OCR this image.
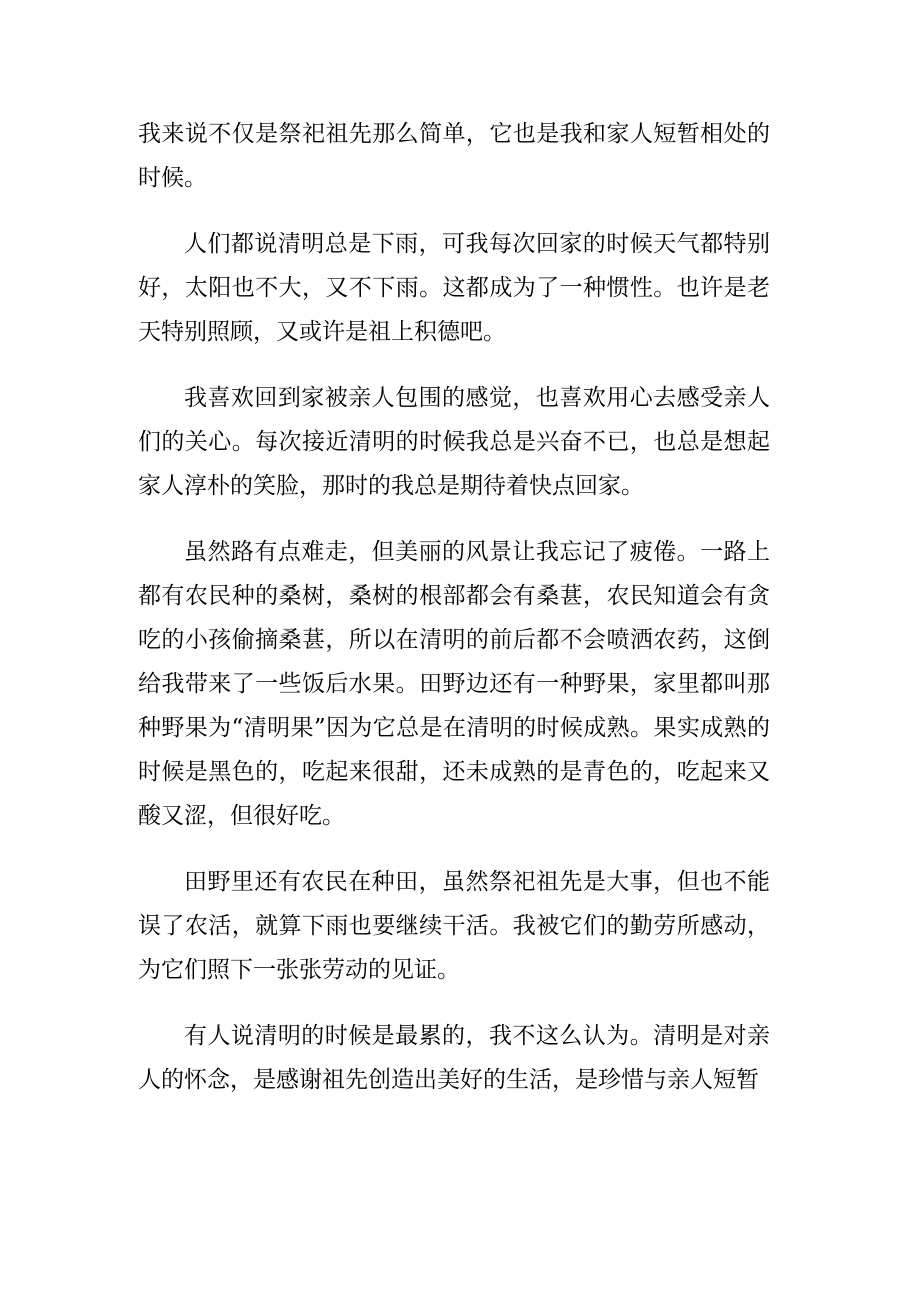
我来说不仅是祭祀祖先那么简单，它也是我和家人短暂相处的时候。

人们都说清明总是下雨，可我每次回家的时候天气都特别好，太阳也不大，又不下雨。这都成为了一种惯性。也许是老天特别照顾，又或许是祖上积德吧。

我喜欢回到家被亲人包围的感觉，也喜欢用心去感受亲人们的关心。每次接近清明的时候我总是兴奋不已，也总是想起家人淳朴的笑脸，那时的我总是期待着快点回家。

虽然路有点难走，但美丽的风景让我忘记了疲倦。一路上都有农民种的桑树，桑树的根部都会有桑葚，农民知道会有贪吃的小孩偷摘桑葚，所以在清明的前后都不会喷洒农药，这倒给我带来了一些饭后水果。田野边还有一种野果，家里都叫那种野果为“清明果”因为它总是在清明的时候成熟。果实成熟的时候是黑色的，吃起来很甜，还未成熟的是青色的，吃起来又酸又涩，但很好吃。

田野里还有农民在种田，虽然祭祀祖先是大事，但也不能误了农活，就算下雨也要继续干活。我被它们的勤劳所感动，为它们照下一张张劳动的见证。

有人说清明的时候是最累的，我不这么认为。清明是对亲人的怀念，是感谢祖先创造出美好的生活，是珍惜与亲人短暂
